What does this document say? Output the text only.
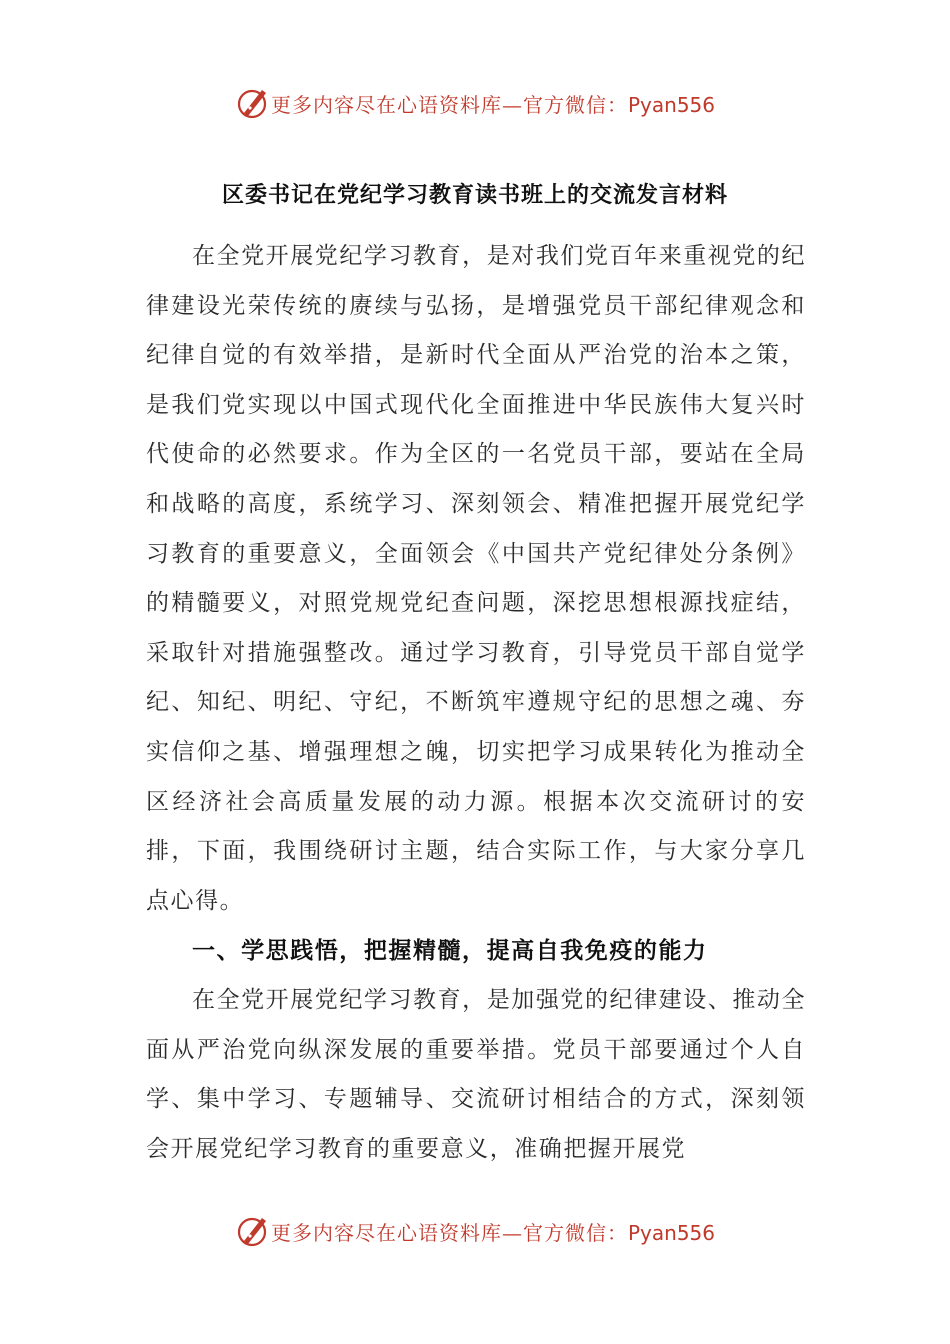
更多内容尽在心语资料库—官方微信：Pyan556
区委书记在党纪学习教育读书班上的交流发言材料

在全党开展党纪学习教育，是对我们党百年来重视党的纪律建设光荣传统的赓续与弘扬，是增强党员干部纪律观念和纪律自觉的有效举措，是新时代全面从严治党的治本之策，是我们党实现以中国式现代化全面推进中华民族伟大复兴时代使命的必然要求。作为全区的一名党员干部，要站在全局和战略的高度，系统学习、深刻领会、精准把握开展党纪学习教育的重要意义，全面领会《中国共产党纪律处分条例》的精髓要义，对照党规党纪查问题，深挖思想根源找症结，采取针对措施强整改。通过学习教育，引导党员干部自觉学纪、知纪、明纪、守纪，不断筑牢遵规守纪的思想之魂、夯实信仰之基、增强理想之魄，切实把学习成果转化为推动全区经济社会高质量发展的动力源。根据本次交流研讨的安排，下面，我围绕研讨主题，结合实际工作，与大家分享几点心得。

一、学思践悟，把握精髓，提高自我免疫的能力

在全党开展党纪学习教育，是加强党的纪律建设、推动全面从严治党向纵深发展的重要举措。党员干部要通过个人自学、集中学习、专题辅导、交流研讨相结合的方式，深刻领会开展党纪学习教育的重要意义，准确把握开展党

更多内容尽在心语资料库—官方微信：Pyan556
